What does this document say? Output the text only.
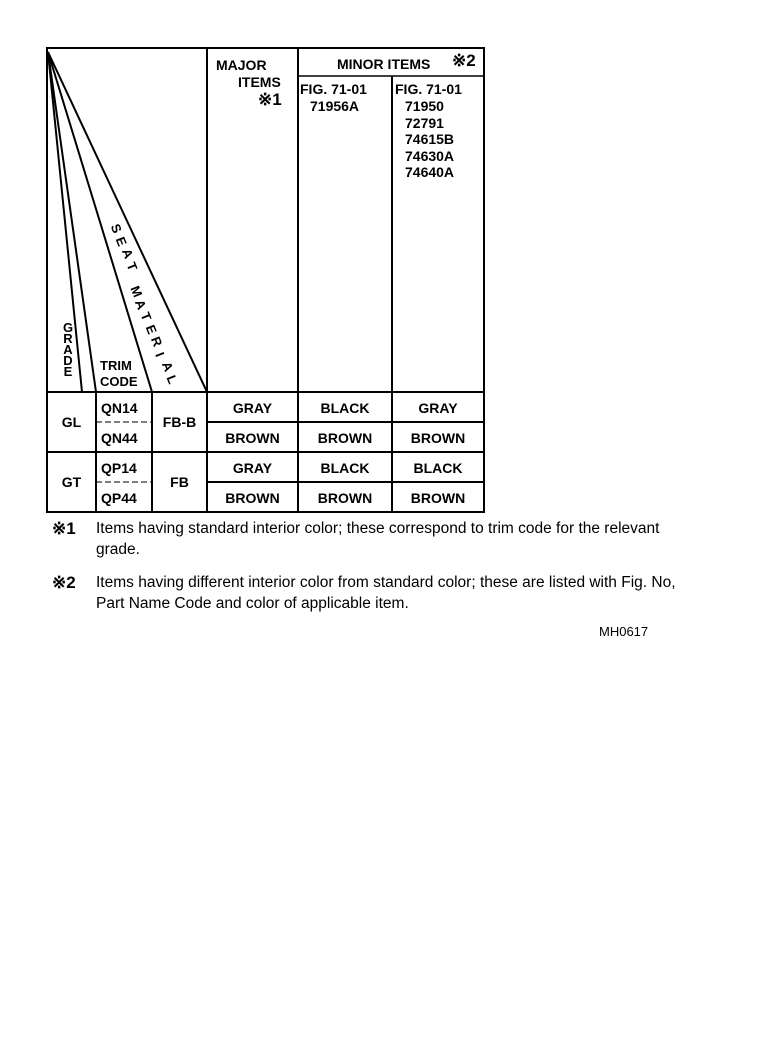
MAJOR
ITEMS
※1
MINOR ITEMS ※2
FIG. 71-01
71956A
FIG. 71-01
71950
72791
74615B
74630A
74640A
G
R
A
D
E TRIM
CODE
S
E
A
T
M
A
T
E
R
I
A
L
GL
GT
QN14
QN44
QP14
QP44
FB-B
FB
GRAY
BROWN
GRAY
BROWN
BLACK
BROWN
BLACK
BROWN
GRAY
BROWN
BLACK
BROWN
※1 Items having standard interior color; these correspond to trim code for the relevant grade.
※2 Items having different interior color from standard color; these are listed with Fig. No, Part Name Code and color of applicable item.
MH0617
